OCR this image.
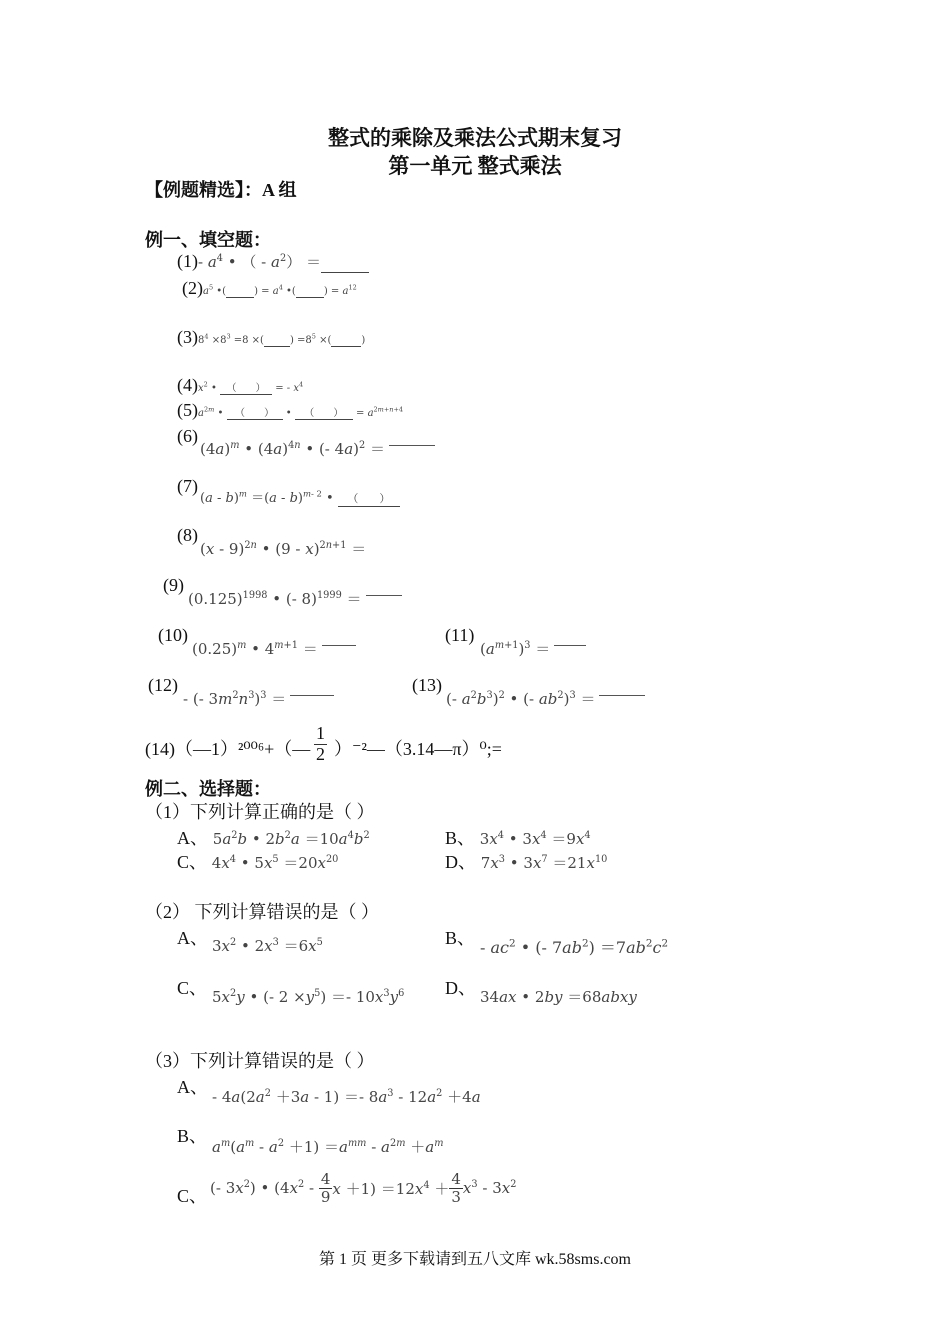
整式的乘除及乘法公式期末复习
第一单元 整式乘法
【例题精选】：A 组
例一、填空题：
(1)- $a^4$ • （ - $a^2$） ＝
$(2)a^5$ •(	) = $a^4$ •(	) = $a^{12}$
$(3)8^4 \times 8^3 =8$ ×(	) $=8^5$ ×(	)
$(4)x^2$ • （      ） = - $x^4$
$(5)a^{2m}$ • （      ） • （      ） = $a^{2m+n+4}$
(6)
$(4a)^m$ • $(4a)^{4n}$ • (- 4a)$^2$ ＝
(7)
(a - b)$^m$ ＝(a - b)$^{m- 2}$ • （      ）
(8)
(x - 9)$^{2n}$ • (9 - x)$^{2n+1}$ ＝
(9)
$(0.125)^{1998}$ • (- 8)$^{1999}$ ＝
(10)
$(0.25)^m$ • $4^{m+1}$ ＝
(11)
$(a^{m+1})^3$ ＝
(12)
- (- $3m^2n^3)^3$ ＝
(13)
(- $a^2b^3)^2$ • (- $ab^2)^3$ ＝
(14)（—1）²⁰⁰⁶+（— $\frac{1}{2}$ ）⁻²—（3.14—π）⁰;=
例二、选择题：
（1）下列计算正确的是（ ）
A、 $5a^2b$ • $2b^2a =10a^4b^2$	B、 $3x^4$ • $3x^4 =9x^4$
C、 $4x^4$ • $5x^5 =20x^{20}$	D、 $7x^3$ • $3x^7 =21x^{10}$
（2） 下列计算错误的是（ ）
A、 $3x^2$ • $2x^3 =6x^5$	B、 - $ac^2$ • (- $7ab^2) =7ab^2c^2$
C、 $5x^2y$ • (- $2 \times y^5) =- 10x^3y^6$ D、 34ax • 2by ＝68abxy
（3）下列计算错误的是（ ）
A、 - $4a(2a^2 +3a - 1) =- 8a^3 - 12a^2 +4a$
B、
$a^m(a^m - a^2 +1) =a^{mm} - a^{2m} +a^m$
C、 (- $3x^2$) • ($4x^2 - \frac{4}{9}$ $x +1) =12x^4 + \frac{4}{3} x^3 - 3x^2$
第 1 页 更多下载请到五八文库 wk.58sms.com
